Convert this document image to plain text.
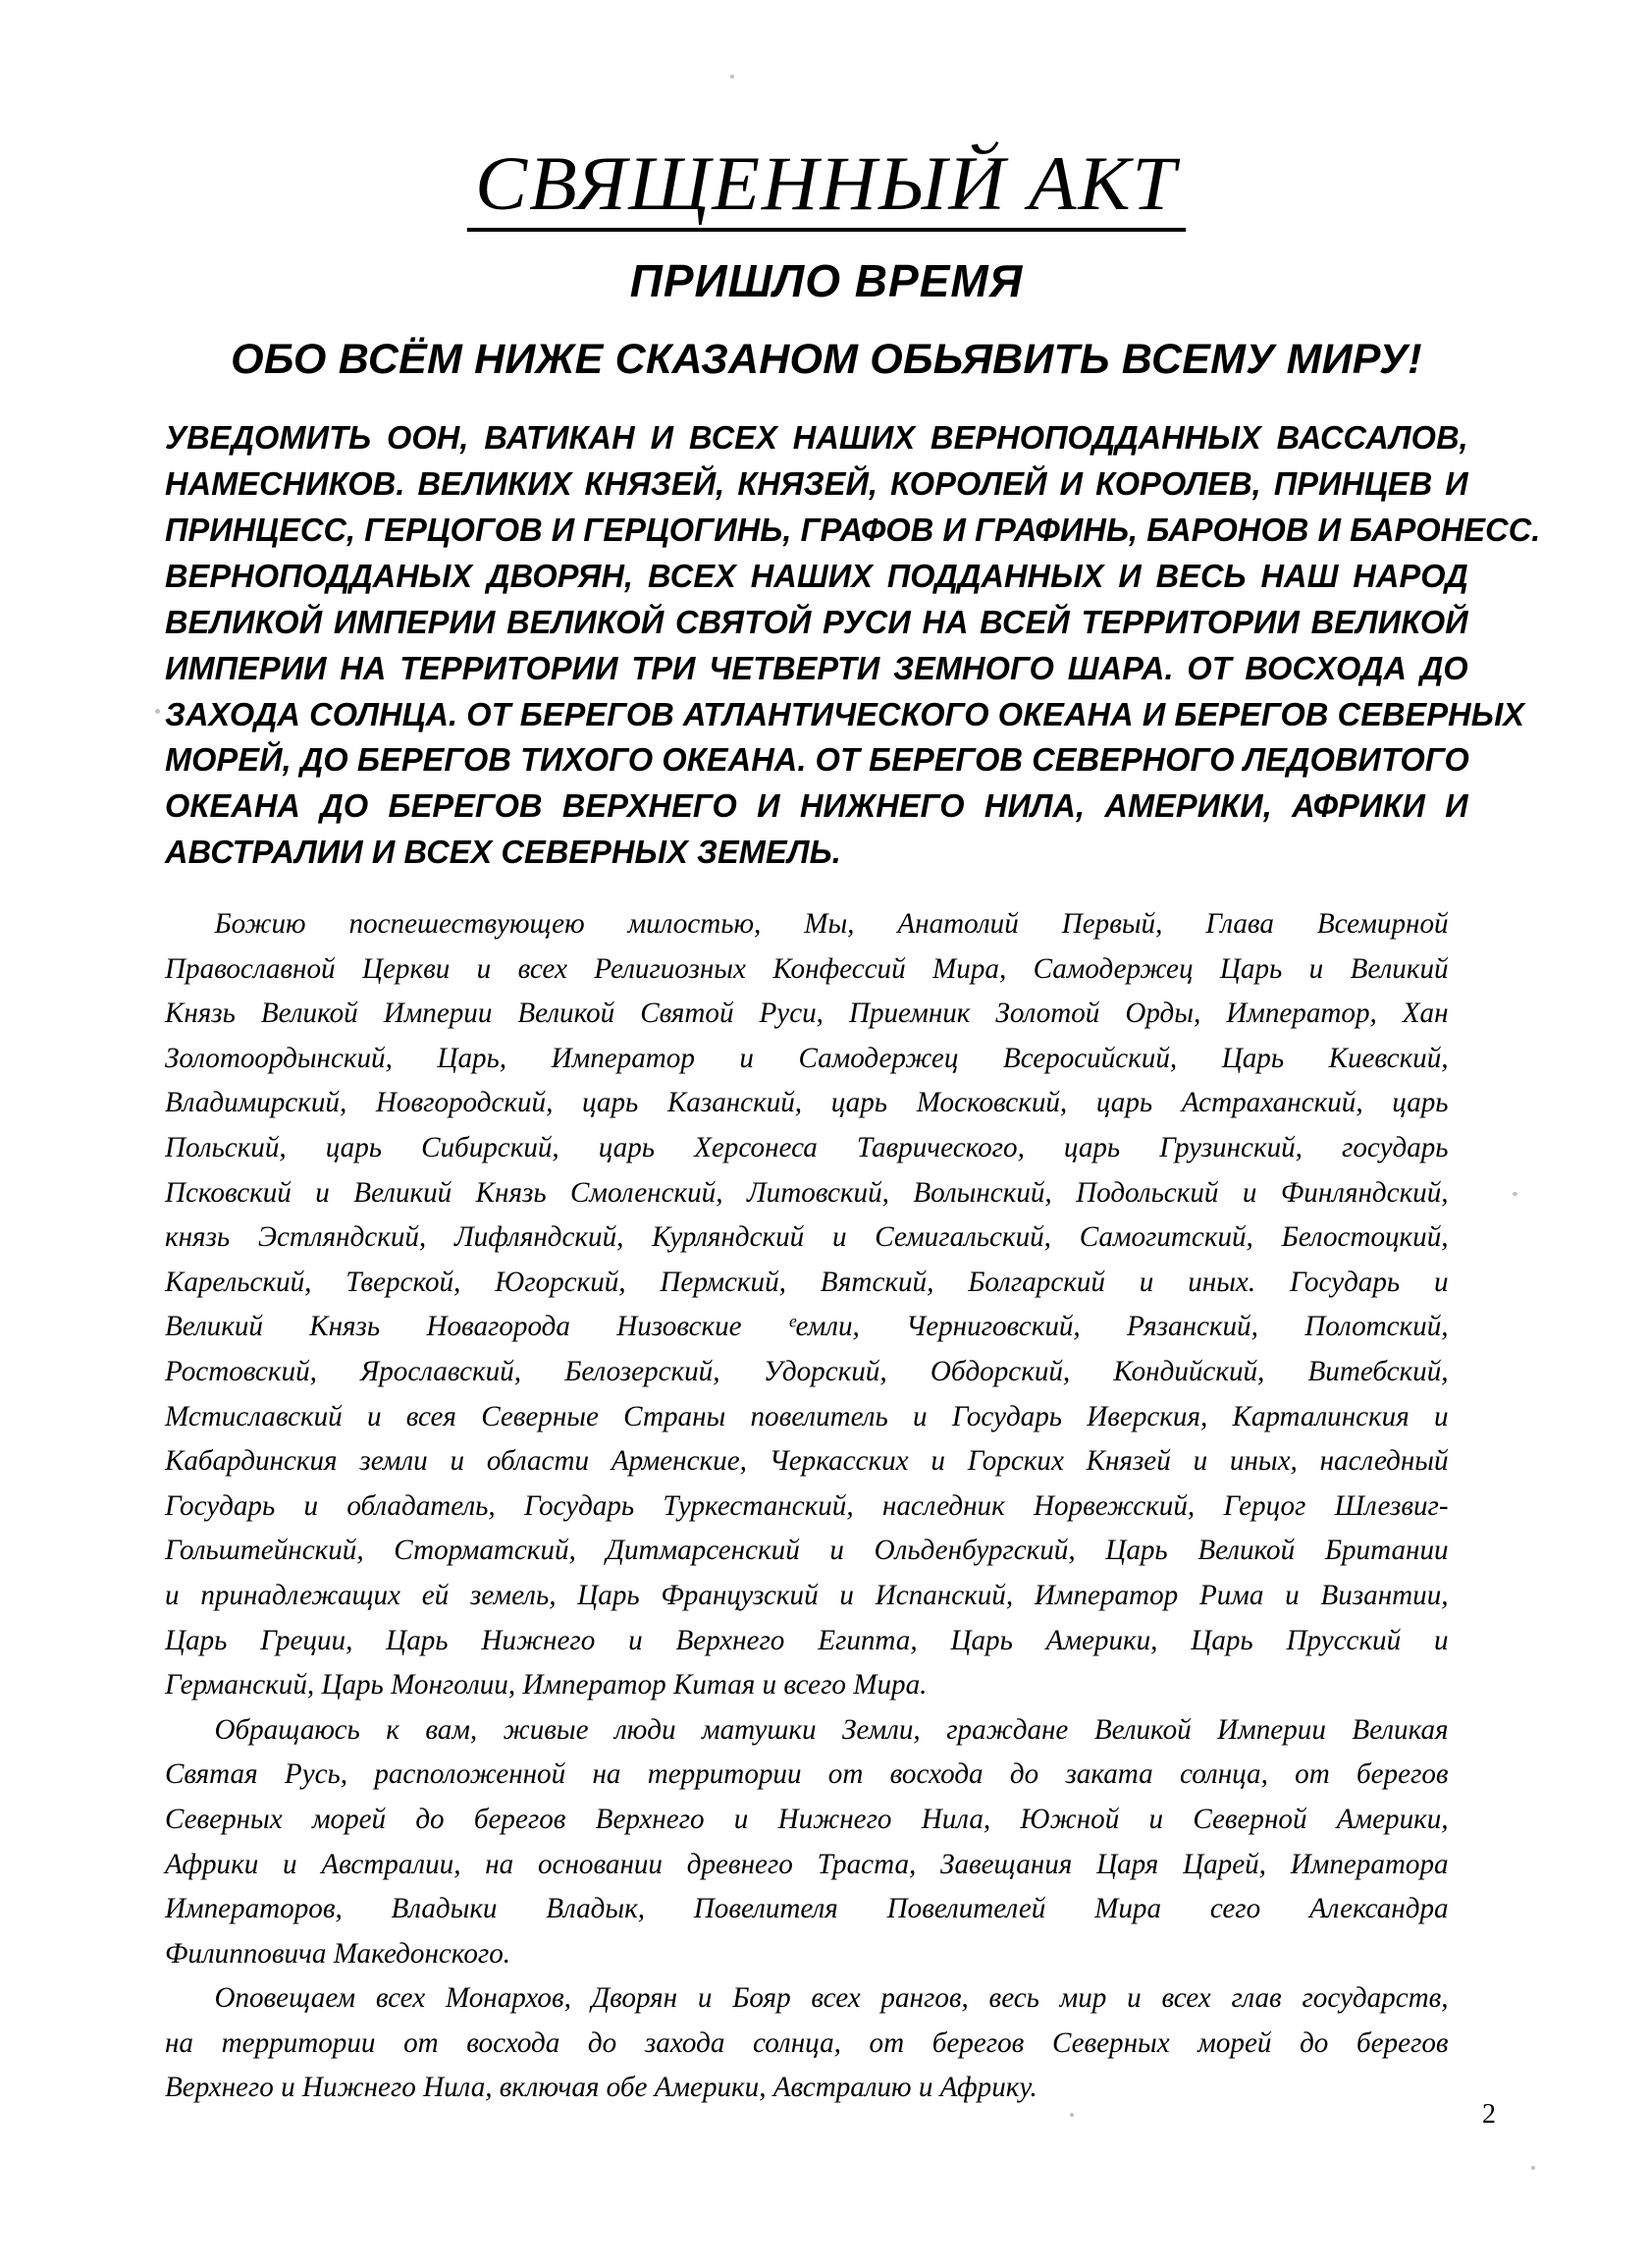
СВЯЩЕННЫЙ АКТ
ПРИШЛО ВРЕМЯ
ОБО ВСЁМ НИЖЕ СКАЗАНОМ ОБЬЯВИТЬ ВСЕМУ МИРУ!
УВЕДОМИТЬ ООН, ВАТИКАН И ВСЕХ НАШИХ ВЕРНОПОДДАННЫХ ВАССАЛОВ,
НАМЕСНИКОВ. ВЕЛИКИХ КНЯЗЕЙ, КНЯЗЕЙ, КОРОЛЕЙ И КОРОЛЕВ, ПРИНЦЕВ И
ПРИНЦЕСС, ГЕРЦОГОВ И ГЕРЦОГИНЬ, ГРАФОВ И ГРАФИНЬ, БАРОНОВ И БАРОНЕСС.
ВЕРНОПОДДАНЫХ ДВОРЯН, ВСЕХ НАШИХ ПОДДАННЫХ И ВЕСЬ НАШ НАРОД
ВЕЛИКОЙ ИМПЕРИИ ВЕЛИКОЙ СВЯТОЙ РУСИ НА ВСЕЙ ТЕРРИТОРИИ ВЕЛИКОЙ
ИМПЕРИИ НА ТЕРРИТОРИИ ТРИ ЧЕТВЕРТИ ЗЕМНОГО ШАРА. ОТ ВОСХОДА ДО
ЗАХОДА СОЛНЦА. ОТ БЕРЕГОВ АТЛАНТИЧЕСКОГО ОКЕАНА И БЕРЕГОВ СЕВЕРНЫХ
МОРЕЙ, ДО БЕРЕГОВ ТИХОГО ОКЕАНА. ОТ БЕРЕГОВ СЕВЕРНОГО ЛЕДОВИТОГО
ОКЕАНА ДО БЕРЕГОВ ВЕРХНЕГО И НИЖНЕГО НИЛА, АМЕРИКИ, АФРИКИ И
АВСТРАЛИИ И ВСЕХ СЕВЕРНЫХ ЗЕМЕЛЬ.

Божию поспешествующею милостью, Мы, Анатолий Первый, Глава Всемирной
Православной Церкви и всех Религиозных Конфессий Мира, Самодержец Царь и Великий
Князь Великой Империи Великой Святой Руси, Приемник Золотой Орды, Император, Хан
Золотоордынский, Царь, Император и Самодержец Всеросийский, Царь Киевский,
Владимирский, Новгородский, царь Казанский, царь Московский, царь Астраханский, царь
Польский, царь Сибирский, царь Херсонеса Таврического, царь Грузинский, государь
Псковский и Великий Князь Смоленский, Литовский, Волынский, Подольский и Финляндский,
князь Эстляндский, Лифляндский, Курляндский и Семигальский, Самогитский, Белостоцкий,
Карельский, Тверской, Югорский, Пермский, Вятский, Болгарский и иных. Государь и
Великий Князь Новагорода Низовские ᵉемли, Черниговский, Рязанский, Полотский,
Ростовский, Ярославский, Белозерский, Удорский, Обдорский, Кондийский, Витебский,
Мстиславский и всея Северные Страны повелитель и Государь Иверския, Карталинския и
Кабардинския земли и области Арменские, Черкасских и Горских Князей и иных, наследный
Государь и обладатель, Государь Туркестанский, наследник Норвежский, Герцог Шлезвиг-
Гольштейнский, Сторматский, Дитмарсенский и Ольденбургский, Царь Великой Британии
и принадлежащих ей земель, Царь Французский и Испанский, Император Рима и Византии,
Царь Греции, Царь Нижнего и Верхнего Египта, Царь Америки, Царь Прусский и
Германский, Царь Монголии, Император Китая и всего Мира.

Обращаюсь к вам, живые люди матушки Земли, граждане Великой Империи Великая
Святая Русь, расположенной на территории от восхода до заката солнца, от берегов
Северных морей до берегов Верхнего и Нижнего Нила, Южной и Северной Америки,
Африки и Австралии, на основании древнего Траста, Завещания Царя Царей, Императора
Императоров, Владыки Владык, Повелителя Повелителей Мира сего Александра
Филипповича Македонского.

Оповещаем всех Монархов, Дворян и Бояр всех рангов, весь мир и всех глав государств,
на территории от восхода до захода солнца, от берегов Северных морей до берегов
Верхнего и Нижнего Нила, включая обе Америки, Австралию и Африку.

2
